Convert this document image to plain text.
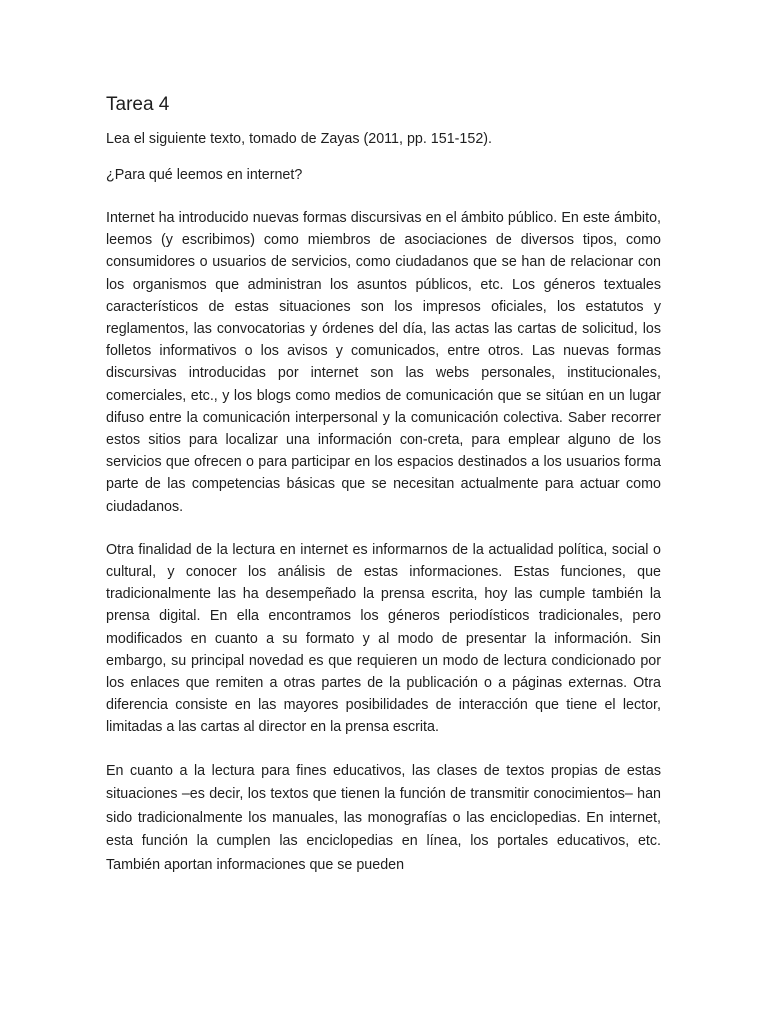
Tarea 4

Lea el siguiente texto, tomado de Zayas (2011, pp. 151-152).

¿Para qué leemos en internet?

Internet ha introducido nuevas formas discursivas en el ámbito público. En este ámbito, leemos (y escribimos) como miembros de asociaciones de diversos tipos, como consumidores o usuarios de servicios, como ciudadanos que se han de relacionar con los organismos que administran los asuntos públicos, etc. Los géneros textuales característicos de estas situaciones son los impresos oficiales, los estatutos y reglamentos, las convocatorias y órdenes del día, las actas las cartas de solicitud, los folletos informativos o los avisos y comunicados, entre otros. Las nuevas formas discursivas introducidas por internet son las webs personales, institucionales, comerciales, etc., y los blogs como medios de comunicación que se sitúan en un lugar difuso entre la comunicación interpersonal y la comunicación colectiva. Saber recorrer estos sitios para localizar una información con-creta, para emplear alguno de los servicios que ofrecen o para participar en los espacios destinados a los usuarios forma parte de las competencias básicas que se necesitan actualmente para actuar como ciudadanos.

Otra finalidad de la lectura en internet es informarnos de la actualidad política, social o cultural, y conocer los análisis de estas informaciones. Estas funciones, que tradicionalmente las ha desempeñado la prensa escrita, hoy las cumple también la prensa digital. En ella encontramos los géneros periodísticos tradicionales, pero modificados en cuanto a su formato y al modo de presentar la información. Sin embargo, su principal novedad es que requieren un modo de lectura condicionado por los enlaces que remiten a otras partes de la publicación o a páginas externas. Otra diferencia consiste en las mayores posibilidades de interacción que tiene el lector, limitadas a las cartas al director en la prensa escrita.

En cuanto a la lectura para fines educativos, las clases de textos propias de estas situaciones –es decir, los textos que tienen la función de transmitir conocimientos– han sido tradicionalmente los manuales, las monografías o las enciclopedias. En internet, esta función la cumplen las enciclopedias en línea, los portales educativos, etc. También aportan informaciones que se pueden
